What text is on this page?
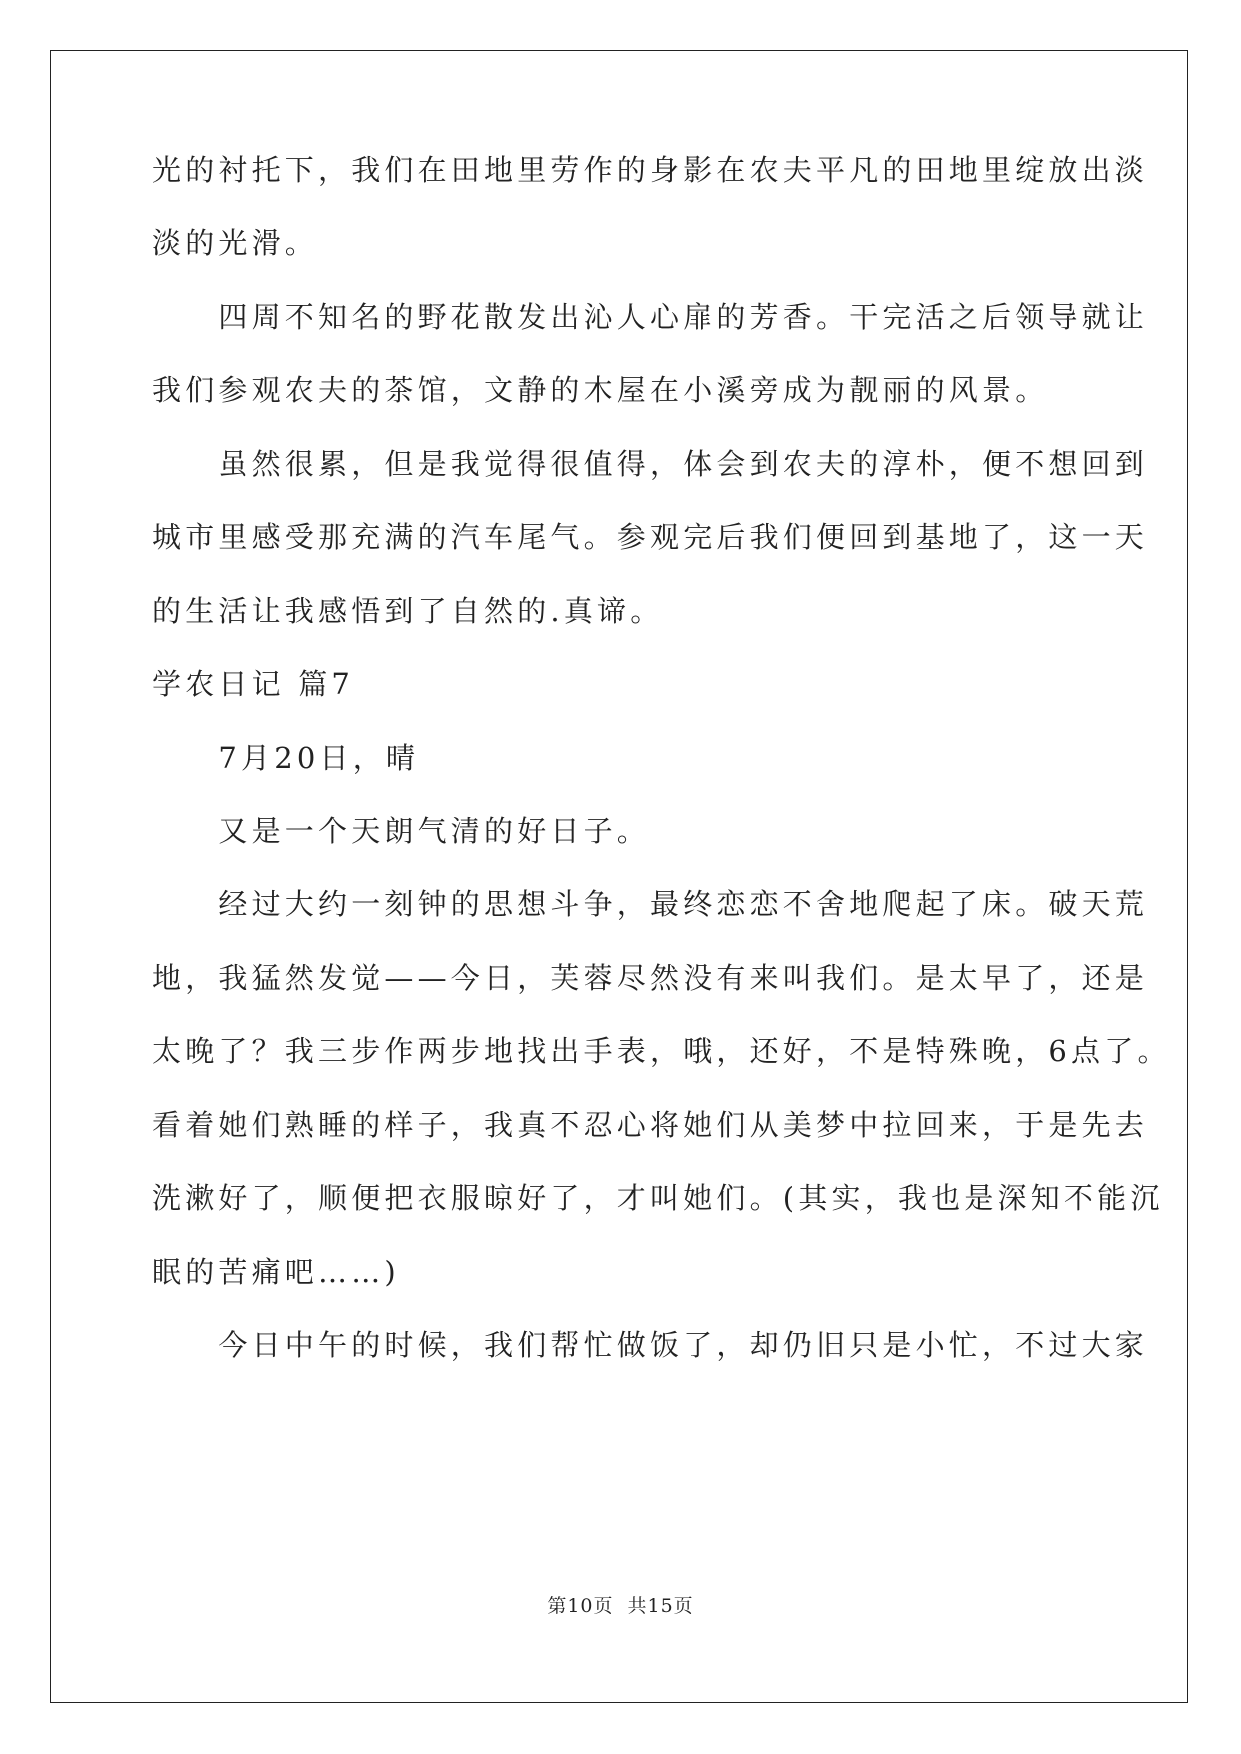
光的衬托下，我们在田地里劳作的身影在农夫平凡的田地里绽放出淡

淡的光滑。

　　四周不知名的野花散发出沁人心扉的芳香。干完活之后领导就让

我们参观农夫的茶馆，文静的木屋在小溪旁成为靓丽的风景。

　　虽然很累，但是我觉得很值得，体会到农夫的淳朴，便不想回到

城市里感受那充满的汽车尾气。参观完后我们便回到基地了，这一天

的生活让我感悟到了自然的.真谛。

学农日记 篇7

　　7月20日，晴

　　又是一个天朗气清的好日子。

　　经过大约一刻钟的思想斗争，最终恋恋不舍地爬起了床。破天荒

地，我猛然发觉——今日，芙蓉尽然没有来叫我们。是太早了，还是

太晚了？我三步作两步地找出手表，哦，还好，不是特殊晚，6点了。

看着她们熟睡的样子，我真不忍心将她们从美梦中拉回来，于是先去

洗漱好了，顺便把衣服晾好了，才叫她们。(其实，我也是深知不能沉

眠的苦痛吧……)

　　今日中午的时候，我们帮忙做饭了，却仍旧只是小忙，不过大家

第10页 共15页
